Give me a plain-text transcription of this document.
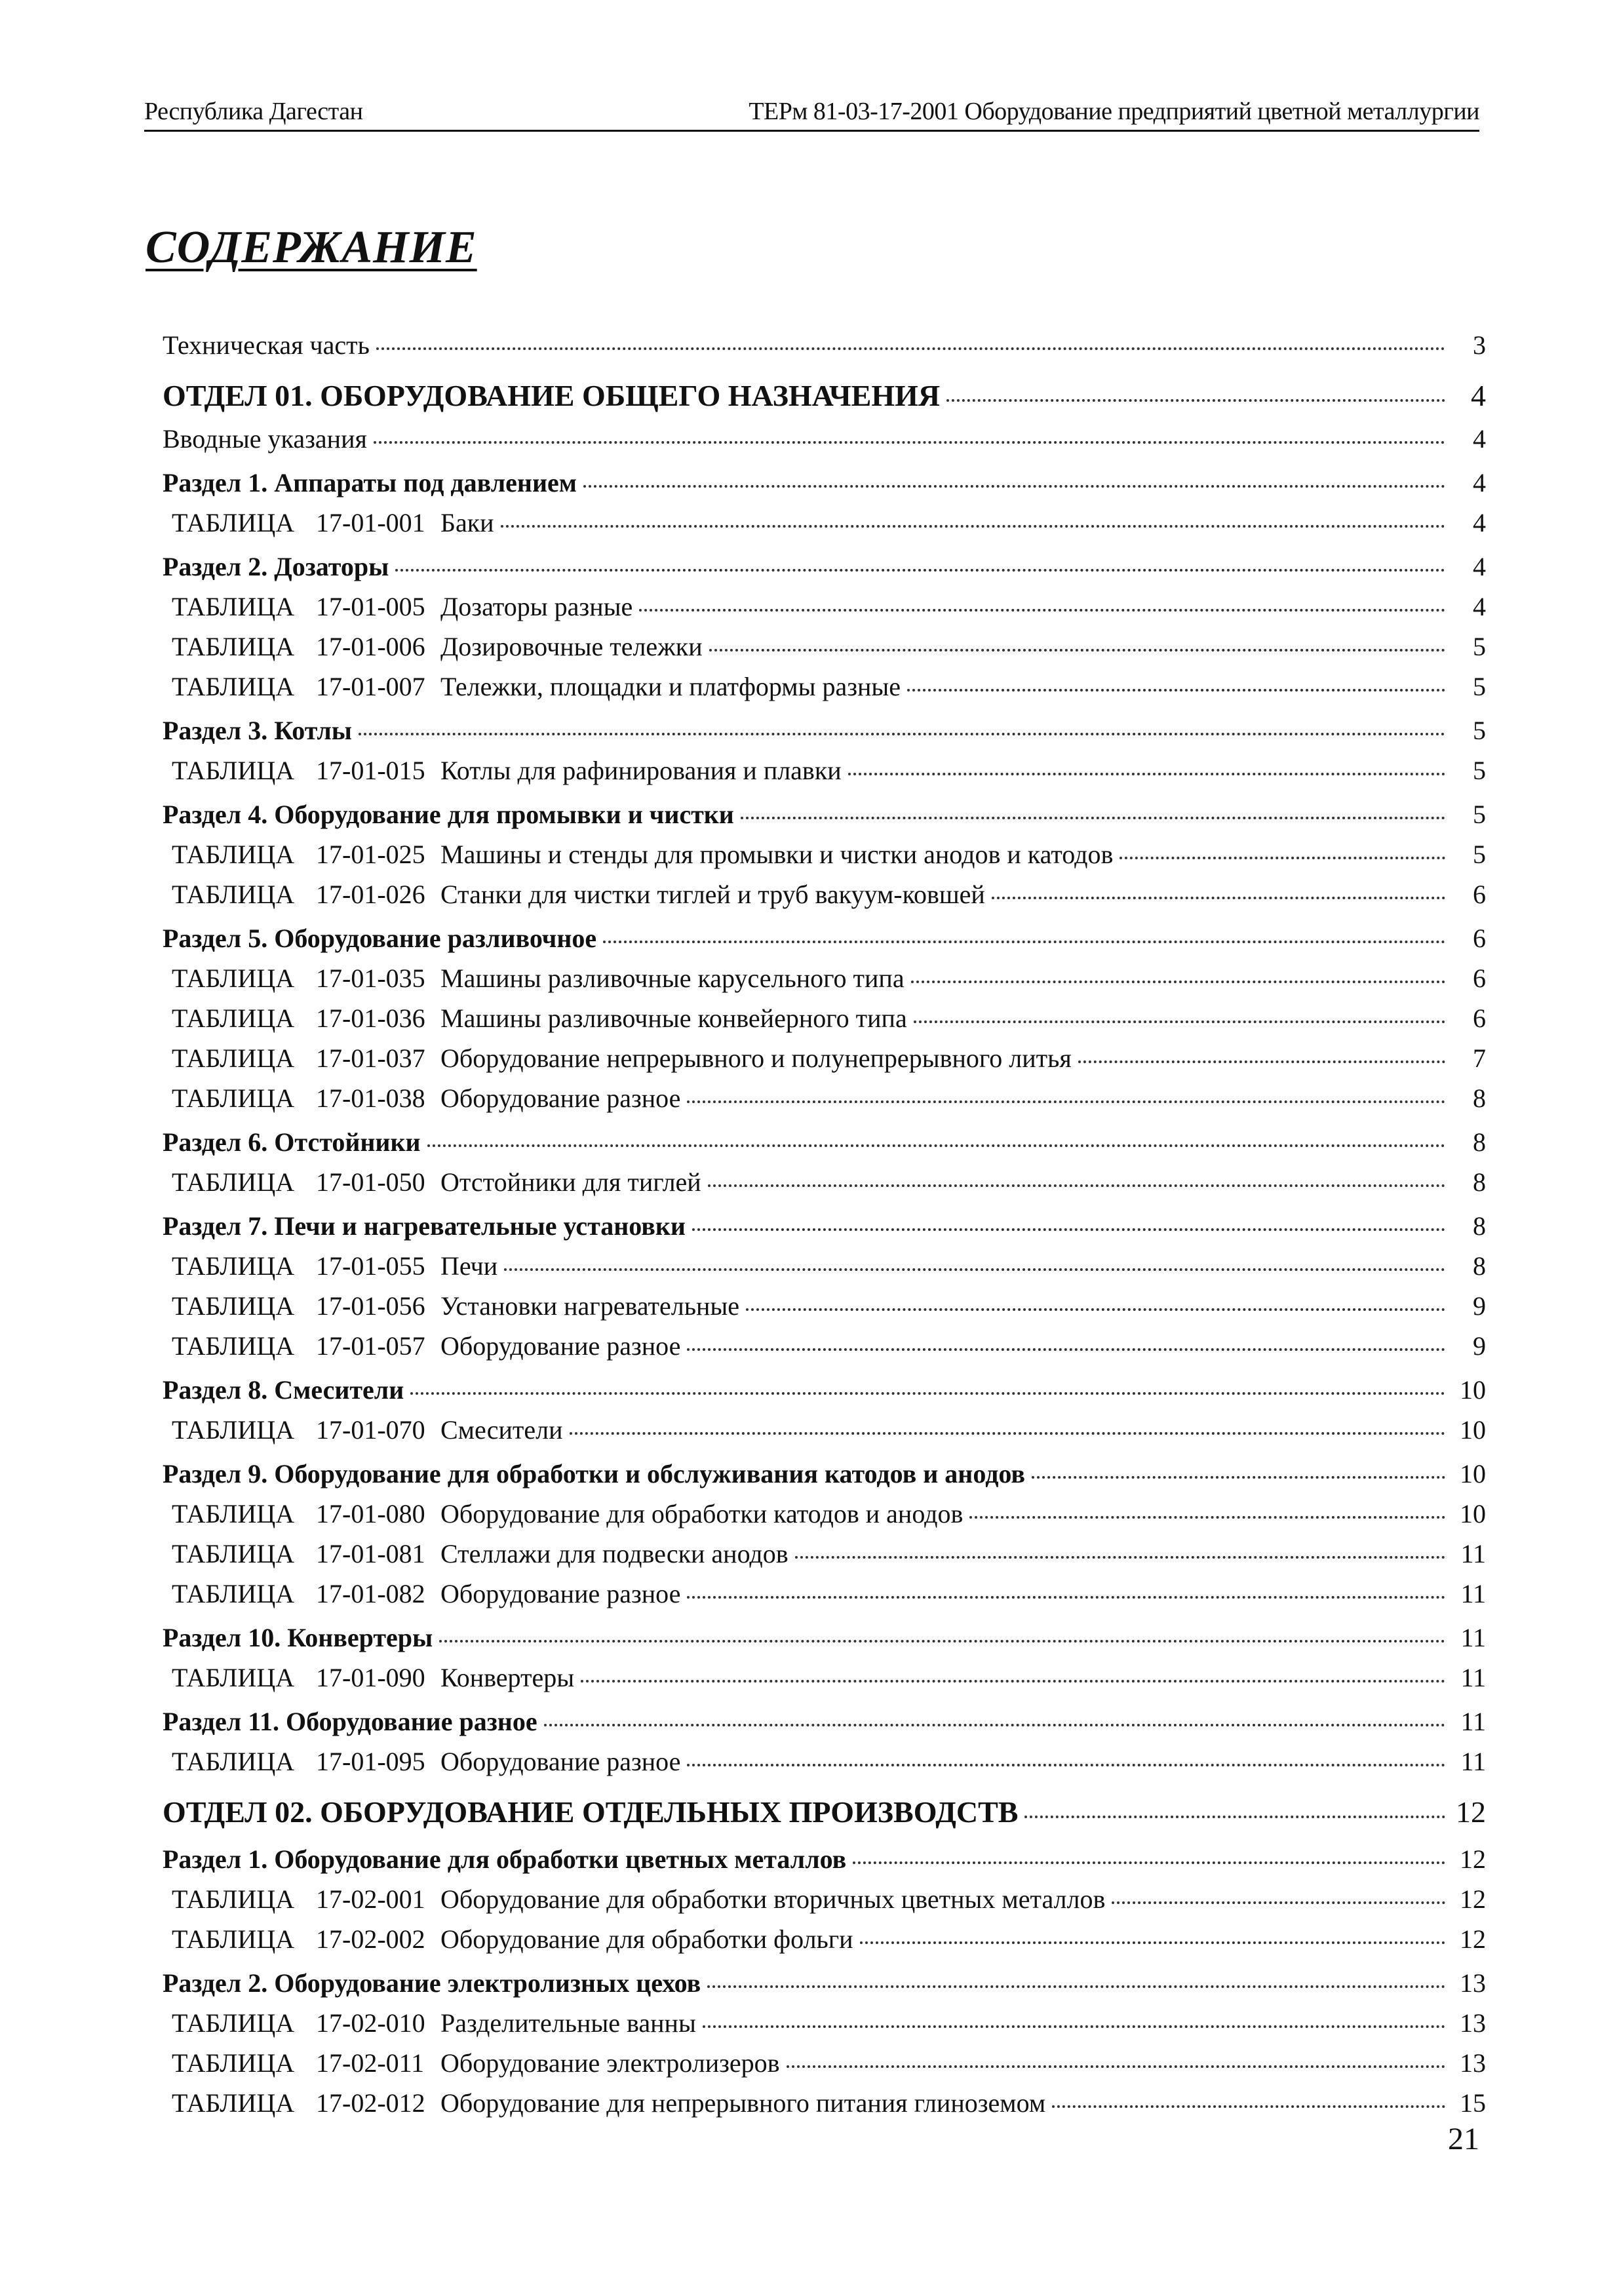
Республика Дагестан	ТЕРм 81-03-17-2001 Оборудование предприятий цветной металлургии
СОДЕРЖАНИЕ
Техническая часть	3
ОТДЕЛ 01. ОБОРУДОВАНИЕ ОБЩЕГО НАЗНАЧЕНИЯ	4
Вводные указания	4
Раздел 1. Аппараты под давлением	4
ТАБЛИЦА 17-01-001 Баки	4
Раздел 2. Дозаторы	4
ТАБЛИЦА 17-01-005 Дозаторы разные	4
ТАБЛИЦА 17-01-006 Дозировочные тележки	5
ТАБЛИЦА 17-01-007 Тележки, площадки и платформы разные	5
Раздел 3. Котлы	5
ТАБЛИЦА 17-01-015 Котлы для рафинирования и плавки	5
Раздел 4. Оборудование для промывки и чистки	5
ТАБЛИЦА 17-01-025 Машины и стенды для промывки и чистки анодов и катодов	5
ТАБЛИЦА 17-01-026 Станки для чистки тиглей и труб вакуум-ковшей	6
Раздел 5. Оборудование разливочное	6
ТАБЛИЦА 17-01-035 Машины разливочные карусельного типа	6
ТАБЛИЦА 17-01-036 Машины разливочные конвейерного типа	6
ТАБЛИЦА 17-01-037 Оборудование непрерывного и полунепрерывного литья	7
ТАБЛИЦА 17-01-038 Оборудование разное	8
Раздел 6. Отстойники	8
ТАБЛИЦА 17-01-050 Отстойники для тиглей	8
Раздел 7. Печи и нагревательные установки	8
ТАБЛИЦА 17-01-055 Печи	8
ТАБЛИЦА 17-01-056 Установки нагревательные	9
ТАБЛИЦА 17-01-057 Оборудование разное	9
Раздел 8. Смесители	10
ТАБЛИЦА 17-01-070 Смесители	10
Раздел 9. Оборудование для обработки и обслуживания катодов и анодов	10
ТАБЛИЦА 17-01-080 Оборудование для обработки катодов и анодов	10
ТАБЛИЦА 17-01-081 Стеллажи для подвески анодов	11
ТАБЛИЦА 17-01-082 Оборудование разное	11
Раздел 10. Конвертеры	11
ТАБЛИЦА 17-01-090 Конвертеры	11
Раздел 11. Оборудование разное	11
ТАБЛИЦА 17-01-095 Оборудование разное	11
ОТДЕЛ 02. ОБОРУДОВАНИЕ ОТДЕЛЬНЫХ ПРОИЗВОДСТВ	12
Раздел 1. Оборудование для обработки цветных металлов	12
ТАБЛИЦА 17-02-001 Оборудование для обработки вторичных цветных металлов	12
ТАБЛИЦА 17-02-002 Оборудование для обработки фольги	12
Раздел 2. Оборудование электролизных цехов	13
ТАБЛИЦА 17-02-010 Разделительные ванны	13
ТАБЛИЦА 17-02-011 Оборудование электролизеров	13
ТАБЛИЦА 17-02-012 Оборудование для непрерывного питания глиноземом	15
21
